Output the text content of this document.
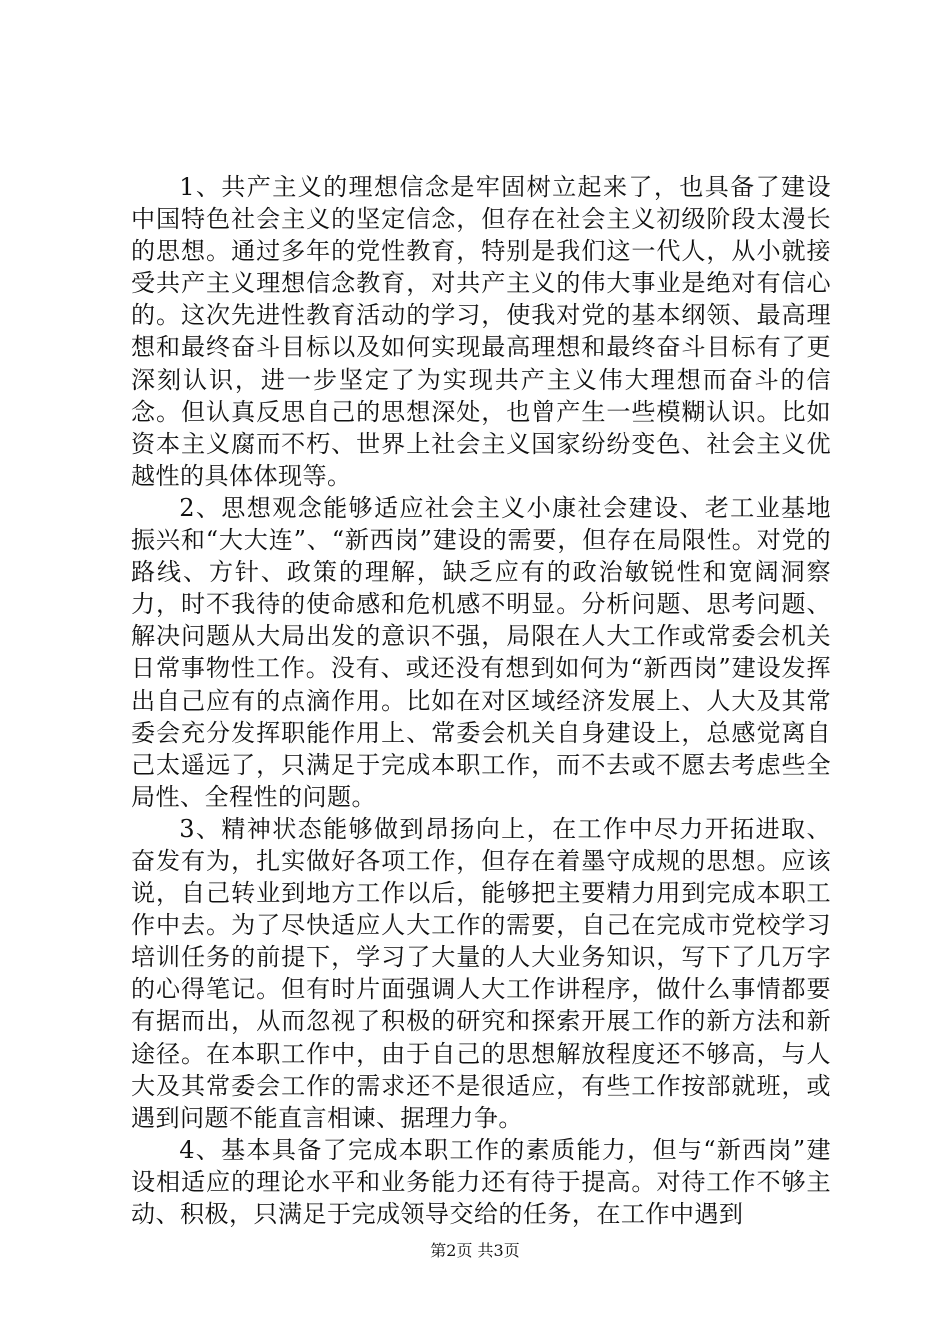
1、共产主义的理想信念是牢固树立起来了，也具备了建设中国特色社会主义的坚定信念，但存在社会主义初级阶段太漫长的思想。通过多年的党性教育，特别是我们这一代人，从小就接受共产主义理想信念教育，对共产主义的伟大事业是绝对有信心的。这次先进性教育活动的学习，使我对党的基本纲领、最高理想和最终奋斗目标以及如何实现最高理想和最终奋斗目标有了更深刻认识，进一步坚定了为实现共产主义伟大理想而奋斗的信念。但认真反思自己的思想深处，也曾产生一些模糊认识。比如资本主义腐而不朽、世界上社会主义国家纷纷变色、社会主义优越性的具体体现等。

2、思想观念能够适应社会主义小康社会建设、老工业基地振兴和“大大连”、“新西岗”建设的需要，但存在局限性。对党的路线、方针、政策的理解，缺乏应有的政治敏锐性和宽阔洞察力，时不我待的使命感和危机感不明显。分析问题、思考问题、解决问题从大局出发的意识不强，局限在人大工作或常委会机关日常事物性工作。没有、或还没有想到如何为“新西岗”建设发挥出自己应有的点滴作用。比如在对区域经济发展上、人大及其常委会充分发挥职能作用上、常委会机关自身建设上，总感觉离自己太遥远了，只满足于完成本职工作，而不去或不愿去考虑些全局性、全程性的问题。

3、精神状态能够做到昂扬向上，在工作中尽力开拓进取、奋发有为，扎实做好各项工作，但存在着墨守成规的思想。应该说，自己转业到地方工作以后，能够把主要精力用到完成本职工作中去。为了尽快适应人大工作的需要，自己在完成市党校学习培训任务的前提下，学习了大量的人大业务知识，写下了几万字的心得笔记。但有时片面强调人大工作讲程序，做什么事情都要有据而出，从而忽视了积极的研究和探索开展工作的新方法和新途径。在本职工作中，由于自己的思想解放程度还不够高，与人大及其常委会工作的需求还不是很适应，有些工作按部就班，或遇到问题不能直言相谏、据理力争。

4、基本具备了完成本职工作的素质能力，但与“新西岗”建设相适应的理论水平和业务能力还有待于提高。对待工作不够主动、积极，只满足于完成领导交给的任务，在工作中遇到

第2页 共3页
